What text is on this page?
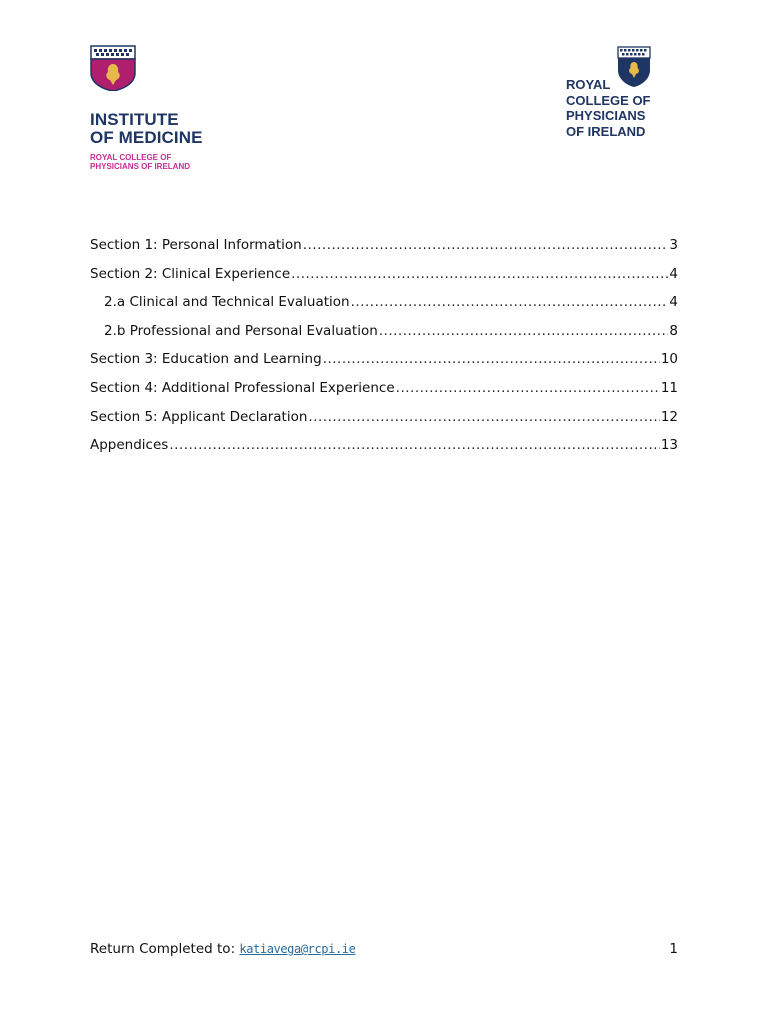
INSTITUTE
OF MEDICINE
ROYAL COLLEGE OF
PHYSICIANS OF IRELAND
ROYAL
COLLEGE OF
PHYSICIANS
OF IRELAND
Section 1: Personal Information .....	3
Section 2: Clinical Experience .....	4
2.a Clinical and Technical Evaluation .....	4
2.b Professional and Personal Evaluation .....	8
Section 3: Education and Learning .....	10
Section 4: Additional Professional Experience .....	11
Section 5: Applicant Declaration .....	12
Appendices .....	13
Return Completed to: katiavega@rcpi.ie	1
